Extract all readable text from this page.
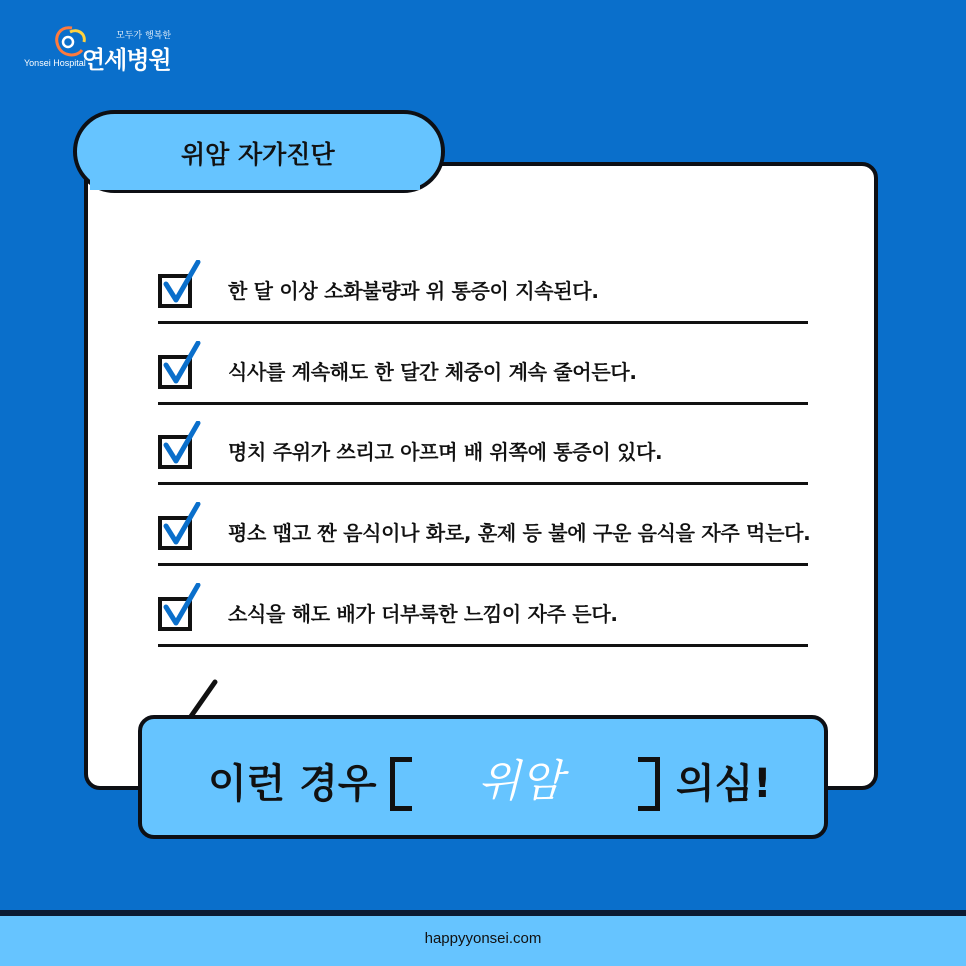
Yonsei Hospital
모두가 행복한
연세병원
위암 자가진단
한 달 이상 소화불량과 위 통증이 지속된다.
식사를 계속해도 한 달간 체중이 계속 줄어든다.
명치 주위가 쓰리고 아프며 배 위쪽에 통증이 있다.
평소 맵고 짠 음식이나 화로, 훈제 등 불에 구운 음식을 자주 먹는다.
소식을 해도 배가 더부룩한 느낌이 자주 든다.
이런 경우 위암	의심!
happyyonsei.com
